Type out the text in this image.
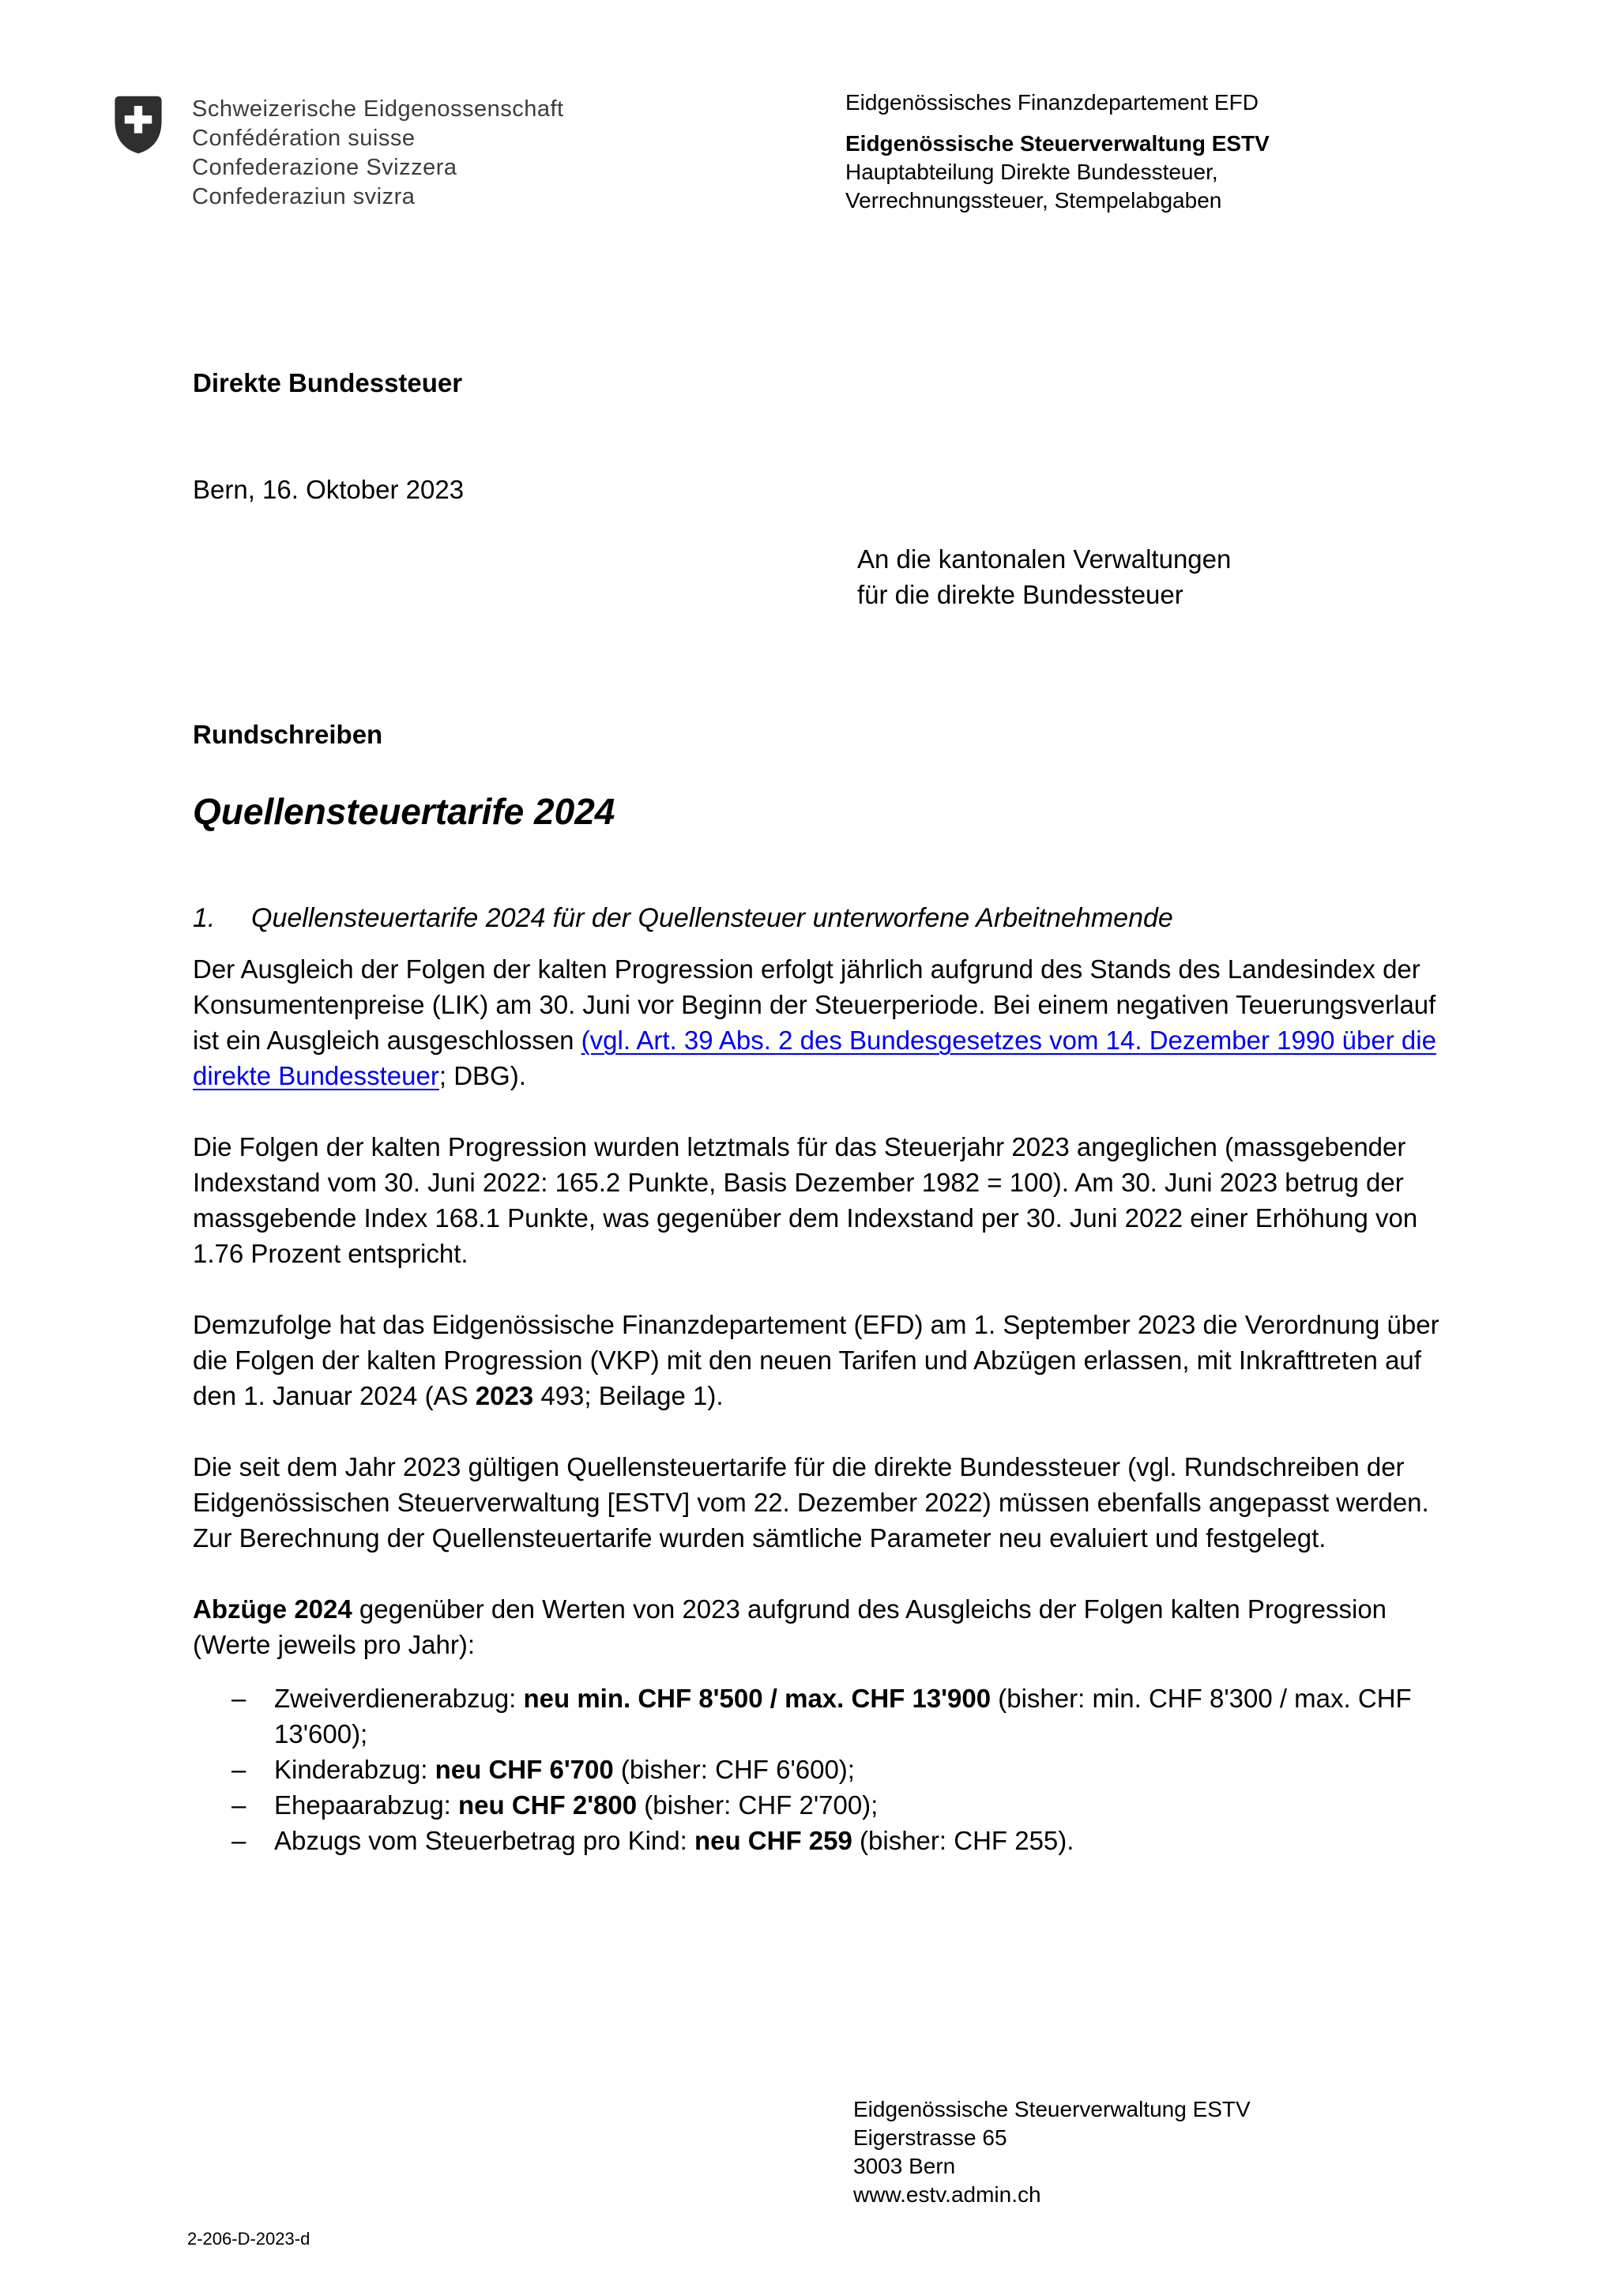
Schweizerische Eidgenossenschaft
Confédération suisse
Confederazione Svizzera
Confederaziun svizra
Eidgenössisches Finanzdepartement EFD
Eidgenössische Steuerverwaltung ESTV
Hauptabteilung Direkte Bundessteuer,
Verrechnungssteuer, Stempelabgaben
Direkte Bundessteuer
Bern, 16. Oktober 2023
An die kantonalen Verwaltungen
für die direkte Bundessteuer
Rundschreiben
Quellensteuertarife 2024
1. Quellensteuertarife 2024 für der Quellensteuer unterworfene Arbeitnehmende

Der Ausgleich der Folgen der kalten Progression erfolgt jährlich aufgrund des Stands des Landesindex der Konsumentenpreise (LIK) am 30. Juni vor Beginn der Steuerperiode. Bei einem negativen Teuerungsverlauf ist ein Ausgleich ausgeschlossen (vgl. Art. 39 Abs. 2 des Bundesgesetzes vom 14. Dezember 1990 über die direkte Bundessteuer; DBG).

Die Folgen der kalten Progression wurden letztmals für das Steuerjahr 2023 angeglichen (massgebender Indexstand vom 30. Juni 2022: 165.2 Punkte, Basis Dezember 1982 = 100). Am 30. Juni 2023 betrug der massgebende Index 168.1 Punkte, was gegenüber dem Indexstand per 30. Juni 2022 einer Erhöhung von 1.76 Prozent entspricht.

Demzufolge hat das Eidgenössische Finanzdepartement (EFD) am 1. September 2023 die Verordnung über die Folgen der kalten Progression (VKP) mit den neuen Tarifen und Abzügen erlassen, mit Inkrafttreten auf den 1. Januar 2024 (AS 2023 493; Beilage 1).

Die seit dem Jahr 2023 gültigen Quellensteuertarife für die direkte Bundessteuer (vgl. Rundschreiben der Eidgenössischen Steuerverwaltung [ESTV] vom 22. Dezember 2022) müssen ebenfalls angepasst werden. Zur Berechnung der Quellensteuertarife wurden sämtliche Parameter neu evaluiert und festgelegt.

Abzüge 2024 gegenüber den Werten von 2023 aufgrund des Ausgleichs der Folgen kalten Progression (Werte jeweils pro Jahr):

– Zweiverdienerabzug: neu min. CHF 8'500 / max. CHF 13'900 (bisher: min. CHF 8'300 / max. CHF 13'600);
– Kinderabzug: neu CHF 6'700 (bisher: CHF 6'600);
– Ehepaarabzug: neu CHF 2'800 (bisher: CHF 2'700);
– Abzugs vom Steuerbetrag pro Kind: neu CHF 259 (bisher: CHF 255).
Eidgenössische Steuerverwaltung ESTV
Eigerstrasse 65
3003 Bern
www.estv.admin.ch
2-206-D-2023-d
